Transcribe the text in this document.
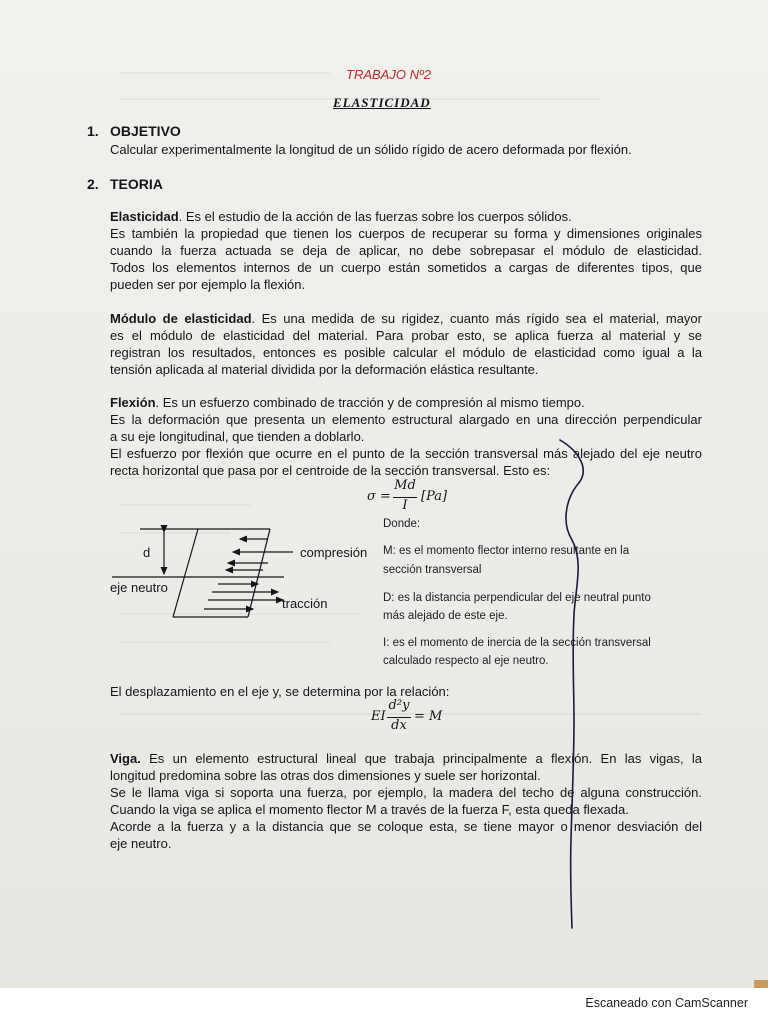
TRABAJO Nº2
ELASTICIDAD
1. OBJETIVO
Calcular experimentalmente la longitud de un sólido rígido de acero deformada por flexión.
2. TEORIA
Elasticidad. Es el estudio de la acción de las fuerzas sobre los cuerpos sólidos.
Es también la propiedad que tienen los cuerpos de recuperar su forma y dimensiones originales
cuando la fuerza actuada se deja de aplicar, no debe sobrepasar el módulo de elasticidad.
Todos los elementos internos de un cuerpo están sometidos a cargas de diferentes tipos, que
pueden ser por ejemplo la flexión.
Módulo de elasticidad. Es una medida de su rigidez, cuanto más rígido sea el material, mayor
es el módulo de elasticidad del material. Para probar esto, se aplica fuerza al material y se
registran los resultados, entonces es posible calcular el módulo de elasticidad como igual a la
tensión aplicada al material dividida por la deformación elástica resultante.
Flexión. Es un esfuerzo combinado de tracción y de compresión al mismo tiempo.
Es la deformación que presenta un elemento estructural alargado en una dirección perpendicular
a su eje longitudinal, que tienden a doblarlo.
El esfuerzo por flexión que ocurre en el punto de la sección transversal más alejado del eje neutro
recta horizontal que pasa por el centroide de la sección transversal. Esto es:
σ =
Md
I
[Pa]
d	compresión
eje neutro
tracción
Donde:
M: es el momento flector interno resultante en la
sección transversal
D: es la distancia perpendicular del eje neutral punto
más alejado de este eje.
I: es el momento de inercia de la sección transversal
calculado respecto al eje neutro.
El desplazamiento en el eje y, se determina por la relación:
EI
d²y
dx
= M
Viga. Es un elemento estructural lineal que trabaja principalmente a flexión. En las vigas, la
longitud predomina sobre las otras dos dimensiones y suele ser horizontal.
Se le llama viga si soporta una fuerza, por ejemplo, la madera del techo de alguna construcción.
Cuando la viga se aplica el momento flector M a través de la fuerza F, esta queda flexada.
Acorde a la fuerza y a la distancia que se coloque esta, se tiene mayor o menor desviación del
eje neutro.
Escaneado con CamScanner
